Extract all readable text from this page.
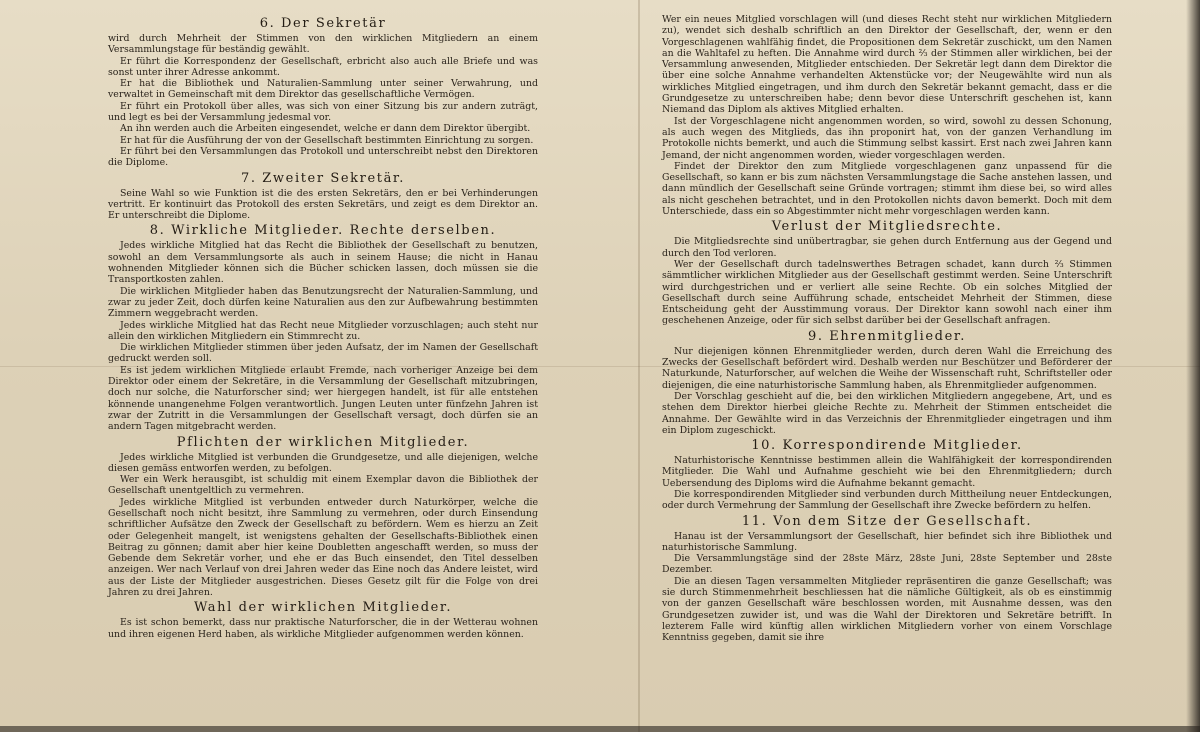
6. Der Sekretär

wird durch Mehrheit der Stimmen von den wirklichen Mitgliedern an einem Versammlungstage für beständig gewählt.

Er führt die Korrespondenz der Gesellschaft, erbricht also auch alle Briefe und was sonst unter ihrer Adresse ankommt.

Er hat die Bibliothek und Naturalien-Sammlung unter seiner Verwahrung, und verwaltet in Gemeinschaft mit dem Direktor das gesellschaftliche Vermögen.

Er führt ein Protokoll über alles, was sich von einer Sitzung bis zur andern zuträgt, und legt es bei der Versammlung jedesmal vor.

An ihn werden auch die Arbeiten eingesendet, welche er dann dem Direktor übergibt.

Er hat für die Ausführung der von der Gesellschaft bestimmten Einrichtung zu sorgen.

Er führt bei den Versammlungen das Protokoll und unterschreibt nebst den Direktoren die Diplome.

7. Zweiter Sekretär.

Seine Wahl so wie Funktion ist die des ersten Sekretärs, den er bei Verhinderungen vertritt. Er kontinuirt das Protokoll des ersten Sekretärs, und zeigt es dem Direktor an. Er unterschreibt die Diplome.

8. Wirkliche Mitglieder. Rechte derselben.

Jedes wirkliche Mitglied hat das Recht die Bibliothek der Gesellschaft zu benutzen, sowohl an dem Versammlungsorte als auch in seinem Hause; die nicht in Hanau wohnenden Mitglieder können sich die Bücher schicken lassen, doch müssen sie die Transportkosten zahlen.

Die wirklichen Mitglieder haben das Benutzungsrecht der Naturalien-Sammlung, und zwar zu jeder Zeit, doch dürfen keine Naturalien aus den zur Aufbewahrung bestimmten Zimmern weggebracht werden.

Jedes wirkliche Mitglied hat das Recht neue Mitglieder vorzuschlagen; auch steht nur allein den wirklichen Mitgliedern ein Stimmrecht zu.

Die wirklichen Mitglieder stimmen über jeden Aufsatz, der im Namen der Gesellschaft gedruckt werden soll.

Es ist jedem wirklichen Mitgliede erlaubt Fremde, nach vorheriger Anzeige bei dem Direktor oder einem der Sekretäre, in die Versammlung der Gesellschaft mitzubringen, doch nur solche, die Naturforscher sind; wer hiergegen handelt, ist für alle entstehen könnende unangenehme Folgen verantwortlich. Jungen Leuten unter fünfzehn Jahren ist zwar der Zutritt in die Versammlungen der Gesellschaft versagt, doch dürfen sie an andern Tagen mitgebracht werden.

Pflichten der wirklichen Mitglieder.

Jedes wirkliche Mitglied ist verbunden die Grundgesetze, und alle diejenigen, welche diesen gemäss entworfen werden, zu befolgen.

Wer ein Werk herausgibt, ist schuldig mit einem Exemplar davon die Bibliothek der Gesellschaft unentgeltlich zu vermehren.

Jedes wirkliche Mitglied ist verbunden entweder durch Naturkörper, welche die Gesellschaft noch nicht besitzt, ihre Sammlung zu vermehren, oder durch Einsendung schriftlicher Aufsätze den Zweck der Gesellschaft zu befördern. Wem es hierzu an Zeit oder Gelegenheit mangelt, ist wenigstens gehalten der Gesellschafts-Bibliothek einen Beitrag zu gönnen; damit aber hier keine Doubletten angeschafft werden, so muss der Gebende dem Sekretär vorher, und ehe er das Buch einsendet, den Titel desselben anzeigen. Wer nach Verlauf von drei Jahren weder das Eine noch das Andere leistet, wird aus der Liste der Mitglieder ausgestrichen. Dieses Gesetz gilt für die Folge von drei Jahren zu drei Jahren.

Wahl der wirklichen Mitglieder.

Es ist schon bemerkt, dass nur praktische Naturforscher, die in der Wetterau wohnen und ihren eigenen Herd haben, als wirkliche Mitglieder aufgenommen werden können.

Wer ein neues Mitglied vorschlagen will (und dieses Recht steht nur wirklichen Mitgliedern zu), wendet sich deshalb schriftlich an den Direktor der Gesellschaft, der, wenn er den Vorgeschlagenen wahlfähig findet, die Propositionen dem Sekretär zuschickt, um den Namen an die Wahltafel zu heften. Die Annahme wird durch ⅔ der Stimmen aller wirklichen, bei der Versammlung anwesenden, Mitglieder entschieden. Der Sekretär legt dann dem Direktor die über eine solche Annahme verhandelten Aktenstücke vor; der Neugewählte wird nun als wirkliches Mitglied eingetragen, und ihm durch den Sekretär bekannt gemacht, dass er die Grundgesetze zu unterschreiben habe; denn bevor diese Unterschrift geschehen ist, kann Niemand das Diplom als aktives Mitglied erhalten.

Ist der Vorgeschlagene nicht angenommen worden, so wird, sowohl zu dessen Schonung, als auch wegen des Mitglieds, das ihn proponirt hat, von der ganzen Verhandlung im Protokolle nichts bemerkt, und auch die Stimmung selbst kassirt. Erst nach zwei Jahren kann Jemand, der nicht angenommen worden, wieder vorgeschlagen werden.

Findet der Direktor den zum Mitgliede vorgeschlagenen ganz unpassend für die Gesellschaft, so kann er bis zum nächsten Versammlungstage die Sache anstehen lassen, und dann mündlich der Gesellschaft seine Gründe vortragen; stimmt ihm diese bei, so wird alles als nicht geschehen betrachtet, und in den Protokollen nichts davon bemerkt. Doch mit dem Unterschiede, dass ein so Abgestimmter nicht mehr vorgeschlagen werden kann.

Verlust der Mitgliedsrechte.

Die Mitgliedsrechte sind unübertragbar, sie gehen durch Entfernung aus der Gegend und durch den Tod verloren.

Wer der Gesellschaft durch tadelnswerthes Betragen schadet, kann durch ⅔ Stimmen sämmtlicher wirklichen Mitglieder aus der Gesellschaft gestimmt werden. Seine Unterschrift wird durchgestrichen und er verliert alle seine Rechte. Ob ein solches Mitglied der Gesellschaft durch seine Aufführung schade, entscheidet Mehrheit der Stimmen, diese Entscheidung geht der Ausstimmung voraus. Der Direktor kann sowohl nach einer ihm geschehenen Anzeige, oder für sich selbst darüber bei der Gesellschaft anfragen.

9. Ehrenmitglieder.

Nur diejenigen können Ehrenmitglieder werden, durch deren Wahl die Erreichung des Zwecks der Gesellschaft befördert wird. Deshalb werden nur Beschützer und Beförderer der Naturkunde, Naturforscher, auf welchen die Weihe der Wissenschaft ruht, Schriftsteller oder diejenigen, die eine naturhistorische Sammlung haben, als Ehrenmitglieder aufgenommen.

Der Vorschlag geschieht auf die, bei den wirklichen Mitgliedern angegebene, Art, und es stehen dem Direktor hierbei gleiche Rechte zu. Mehrheit der Stimmen entscheidet die Annahme. Der Gewählte wird in das Verzeichnis der Ehrenmitglieder eingetragen und ihm ein Diplom zugeschickt.

10. Korrespondirende Mitglieder.

Naturhistorische Kenntnisse bestimmen allein die Wahlfähigkeit der korrespondirenden Mitglieder. Die Wahl und Aufnahme geschieht wie bei den Ehrenmitgliedern; durch Uebersendung des Diploms wird die Aufnahme bekannt gemacht.

Die korrespondirenden Mitglieder sind verbunden durch Mittheilung neuer Entdeckungen, oder durch Vermehrung der Sammlung der Gesellschaft ihre Zwecke befördern zu helfen.

11. Von dem Sitze der Gesellschaft.

Hanau ist der Versammlungsort der Gesellschaft, hier befindet sich ihre Bibliothek und naturhistorische Sammlung.

Die Versammlungstäge sind der 28ste März, 28ste Juni, 28ste September und 28ste Dezember.

Die an diesen Tagen versammelten Mitglieder repräsentiren die ganze Gesellschaft; was sie durch Stimmenmehrheit beschliessen hat die nämliche Gültigkeit, als ob es einstimmig von der ganzen Gesellschaft wäre beschlossen worden, mit Ausnahme dessen, was den Grundgesetzen zuwider ist, und was die Wahl der Direktoren und Sekretäre betrifft. In lezterem Falle wird künftig allen wirklichen Mitgliedern vorher von einem Vorschlage Kenntniss gegeben, damit sie ihre
